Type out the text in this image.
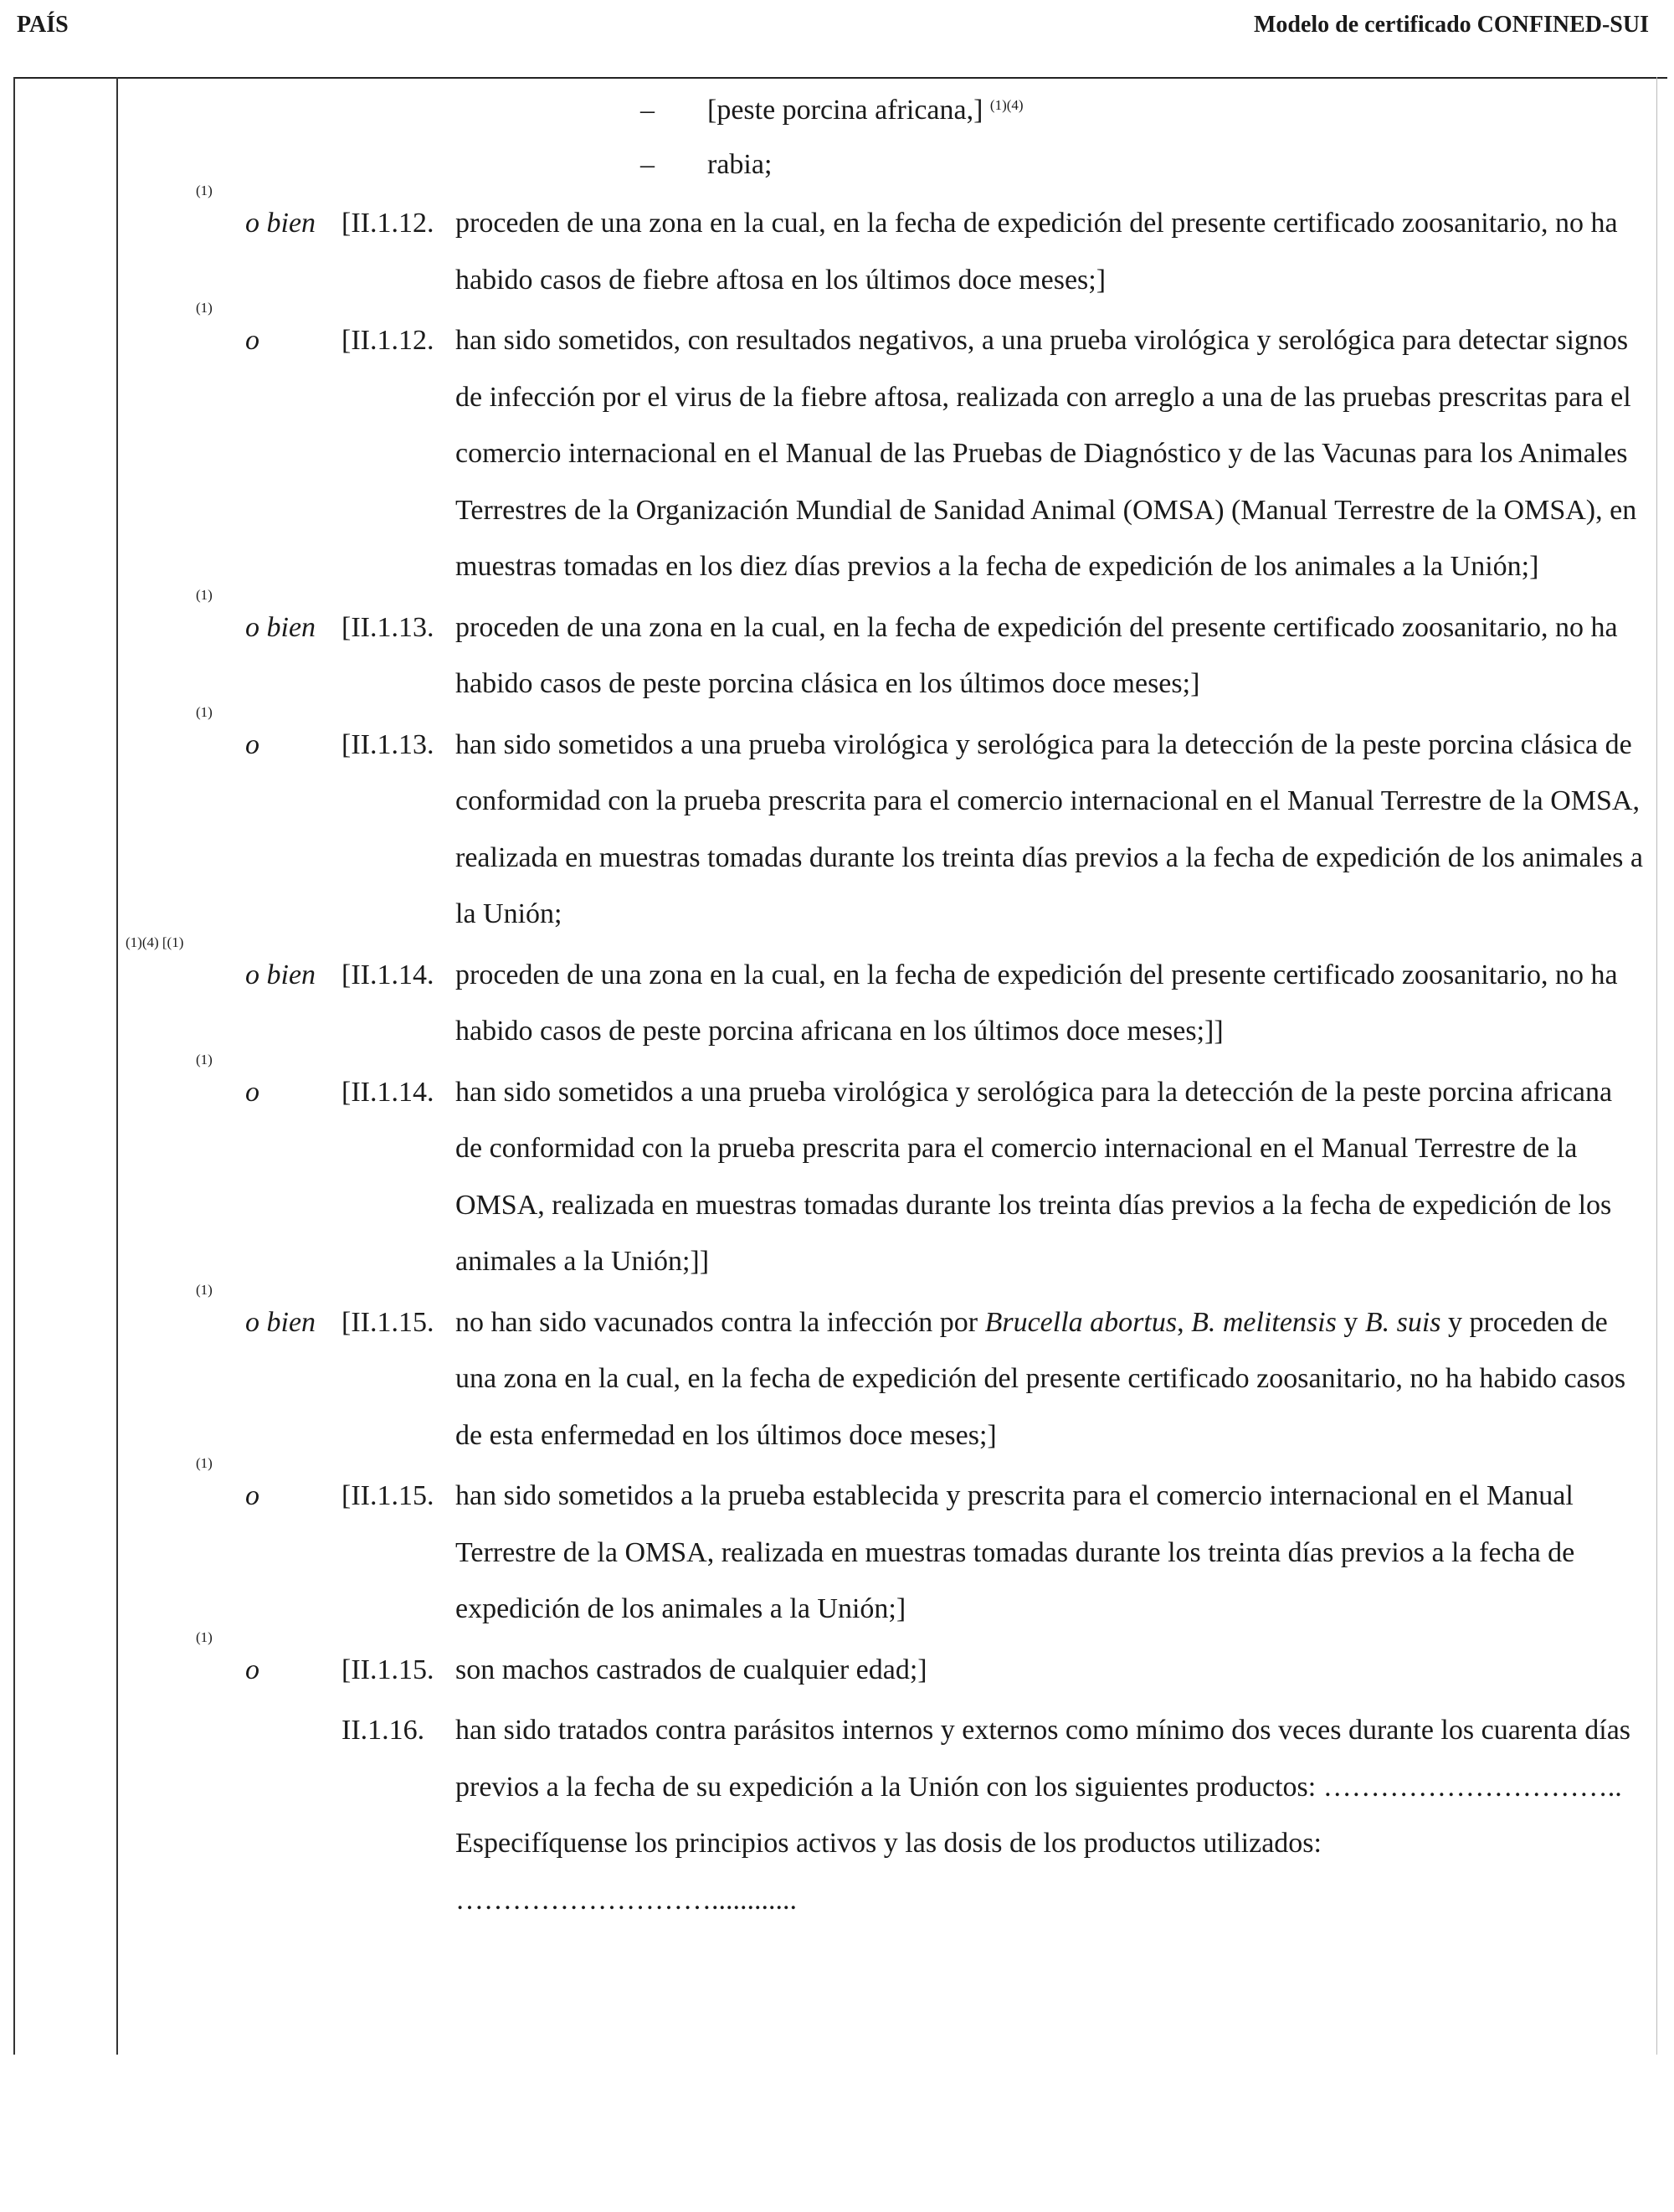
PAÍS	Modelo de certificado CONFINED-SUI
– [peste porcina africana,] $^{(1)(4)}$
– rabia;
(1)
o bien [II.1.12. proceden de una zona en la cual, en la fecha de expedición del presente certificado zoosanitario, no ha habido casos de fiebre aftosa en los últimos doce meses;]
(1)
o	[II.1.12. han sido sometidos, con resultados negativos, a una prueba virológica y serológica para detectar signos de infección por el virus de la fiebre aftosa, realizada con arreglo a una de las pruebas prescritas para el comercio internacional en el Manual de las Pruebas de Diagnóstico y de las Vacunas para los Animales Terrestres de la Organización Mundial de Sanidad Animal (OMSA) (Manual Terrestre de la OMSA), en muestras tomadas en los diez días previos a la fecha de expedición de los animales a la Unión;]
(1)
o bien [II.1.13. proceden de una zona en la cual, en la fecha de expedición del presente certificado zoosanitario, no ha habido casos de peste porcina clásica en los últimos doce meses;]
(1)
o	[II.1.13. han sido sometidos a una prueba virológica y serológica para la detección de la peste porcina clásica de conformidad con la prueba prescrita para el comercio internacional en el Manual Terrestre de la OMSA, realizada en muestras tomadas durante los treinta días previos a la fecha de expedición de los animales a la Unión;
(1)(4) [(1)
o bien [II.1.14. proceden de una zona en la cual, en la fecha de expedición del presente certificado zoosanitario, no ha habido casos de peste porcina africana en los últimos doce meses;]]
(1)
o	[II.1.14. han sido sometidos a una prueba virológica y serológica para la detección de la peste porcina africana de conformidad con la prueba prescrita para el comercio internacional en el Manual Terrestre de la OMSA, realizada en muestras tomadas durante los treinta días previos a la fecha de expedición de los animales a la Unión;]]
(1)
o bien [II.1.15. no han sido vacunados contra la infección por Brucella abortus, B. melitensis y B. suis y proceden de una zona en la cual, en la fecha de expedición del presente certificado zoosanitario, no ha habido casos de esta enfermedad en los últimos doce meses;]
(1)
o	[II.1.15. han sido sometidos a la prueba establecida y prescrita para el comercio internacional en el Manual Terrestre de la OMSA, realizada en muestras tomadas durante los treinta días previos a la fecha de expedición de los animales a la Unión;]
(1)
o	[II.1.15. son machos castrados de cualquier edad;]
II.1.16. han sido tratados contra parásitos internos y externos como mínimo dos veces durante los cuarenta días previos a la fecha de su expedición a la Unión con los siguientes productos: ………………………….. Especifíquense los principios activos y las dosis de los productos utilizados: ………………………............
